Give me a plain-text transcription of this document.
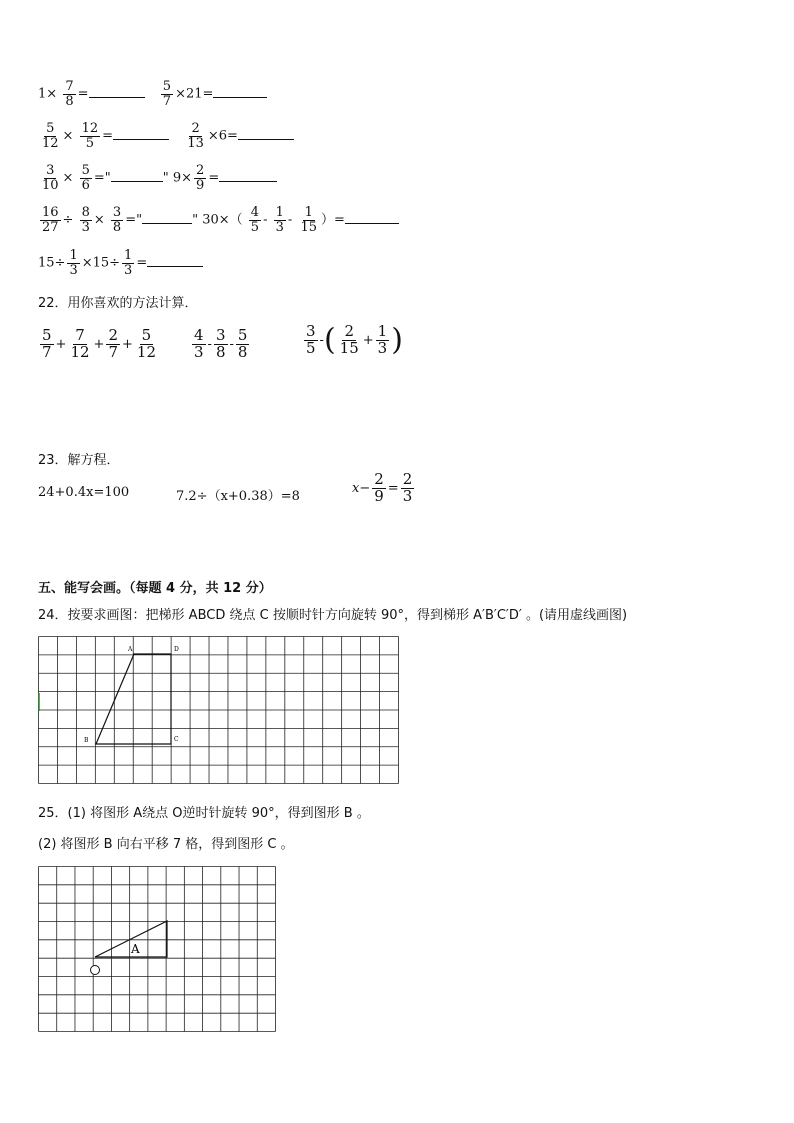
$1\times \frac{7}{8}$ =	$\frac{5}{7} \times 21=$
$\frac{5}{12} \times \frac{12}{5}$ =	$\frac{2}{13} \times 6=$
$\frac{3}{10} \times \frac{5}{6}$ ="	" $9\times \frac{2}{9}$ =
$\frac{16}{27} \div \frac{8}{3} \times \frac{3}{8}$ ="	" $30\times( \frac{4}{5} - \frac{1}{3} - \frac{1}{15}$ ）=
$15\div \frac{1}{3} \times 15\div \frac{1}{3}$ =
22．用你喜欢的方法计算．
$\frac{5}{7} + \frac{7}{12} + \frac{2}{7} + \frac{5}{12} \frac{4}{3} - \frac{3}{8} - \frac{5}{8}$	$\frac{3}{5}$ -( $\frac{2}{15} + \frac{1}{3}$ )
23．解方程．
24+0.4x=100	7.2÷（x+0.38）=8
$x- \frac{2}{9} = \frac{2}{3}$
五、能写会画。（每题 4 分，共 12 分）
24．按要求画图：把梯形 ABCD 绕点 C 按顺时针方向旋转 90°，得到梯形 A′B′C′D′ 。(请用虚线画图)
A	D
B	C
25．(1) 将图形 A绕点 O逆时针旋转 90°，得到图形 B 。
(2) 将图形 B 向右平移 7 格，得到图形 C 。
A
